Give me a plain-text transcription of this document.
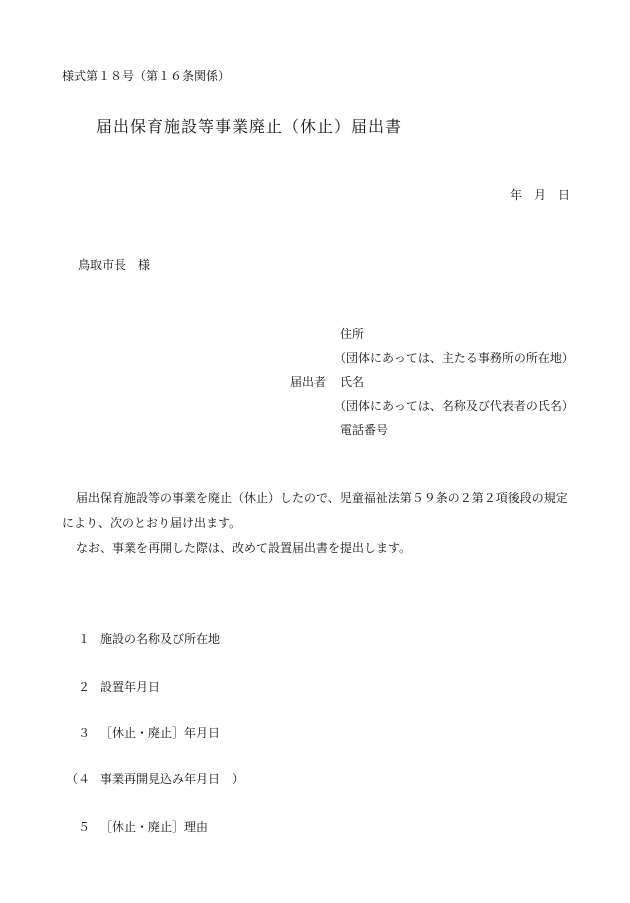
様式第１８号（第１６条関係）
届出保育施設等事業廃止（休止）届出書
年　月　日
鳥取市長　様
住所
（団体にあっては、主たる事務所の所在地）
届出者 氏名
（団体にあっては、名称及び代表者の氏名）
電話番号
届出保育施設等の事業を廃止（休止）したので、児童福祉法第５９条の２第２項後段の規定
により、次のとおり届け出ます。
なお、事業を再開した際は、改めて設置届出書を提出します。
１ 施設の名称及び所在地
２ 設置年月日
３ ［休止・廃止］年月日
（４ 事業再開見込み年月日　）
５ ［休止・廃止］理由
